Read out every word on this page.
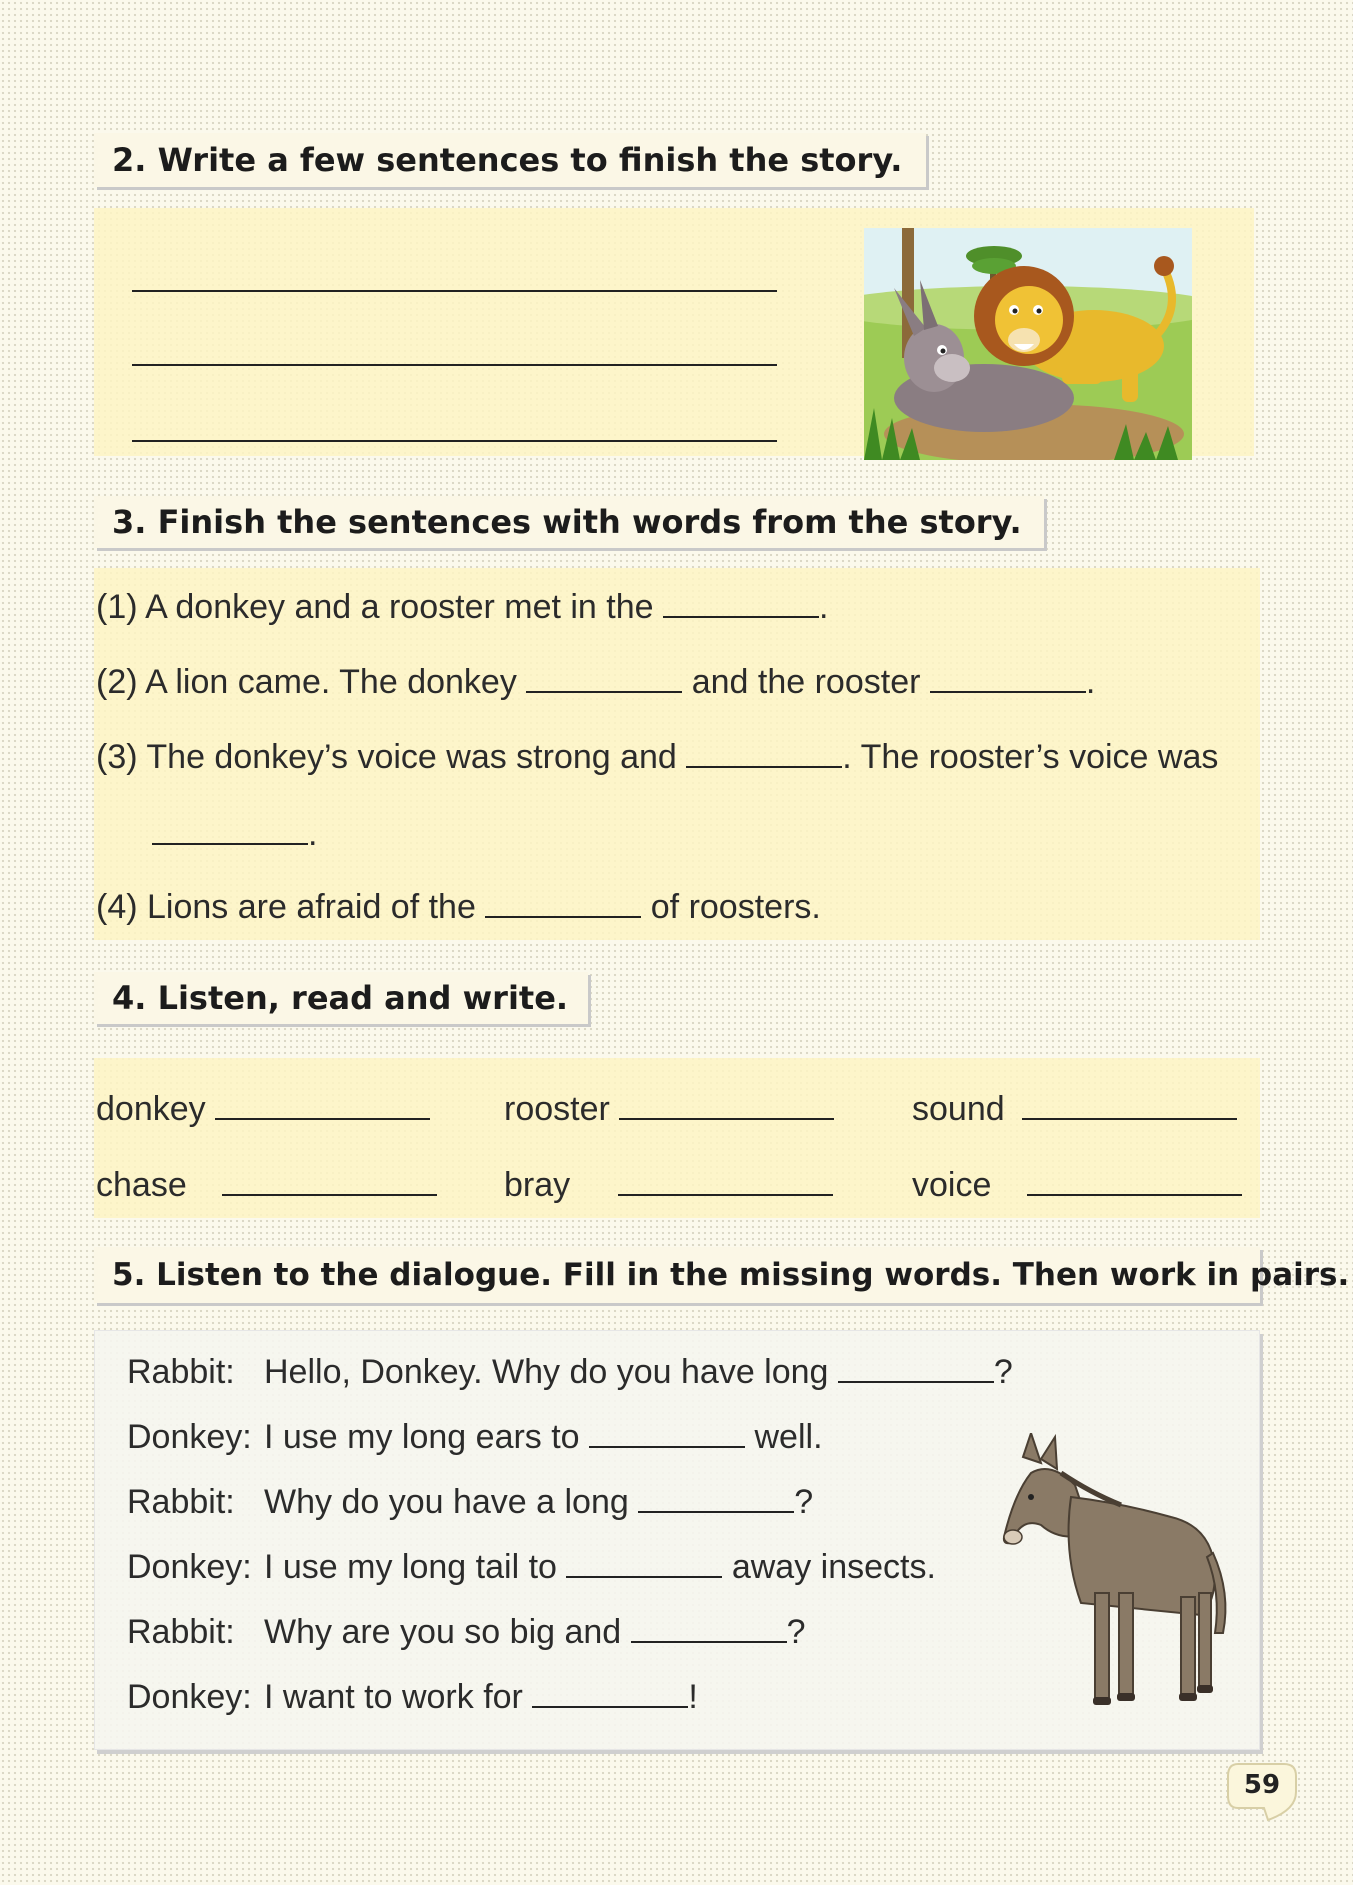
2. Write a few sentences to finish the story.
3. Finish the sentences with words from the story.
(1) A donkey and a rooster met in the	.
(2) A lion came. The donkey	and the rooster	.
(3) The donkey’s voice was strong and	. The rooster’s voice was
.
(4) Lions are afraid of the	of roosters.
4. Listen, read and write.
donkey	rooster	sound
chase	bray	voice
5. Listen to the dialogue. Fill in the missing words. Then work in pairs.
Rabbit: Hello, Donkey. Why do you have long	?
Donkey: I use my long ears to	well.
Rabbit: Why do you have a long	?
Donkey: I use my long tail to	away insects.
Rabbit: Why are you so big and	?
Donkey: I want to work for	!
59
